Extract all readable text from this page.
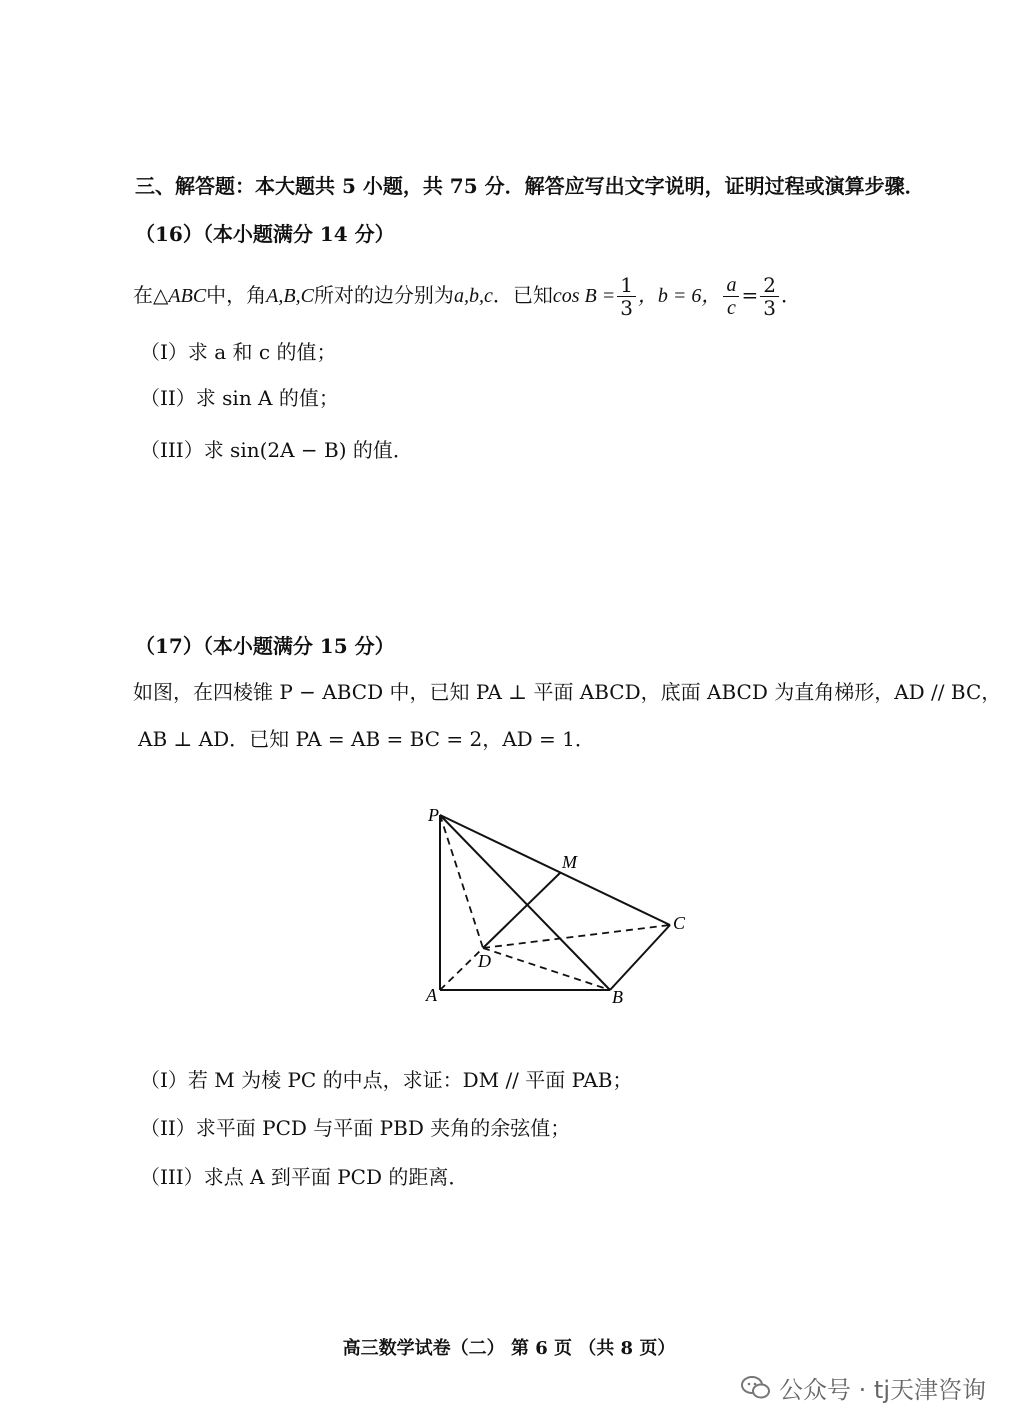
三、解答题：本大题共 5 小题，共 75 分．解答应写出文字说明，证明过程或演算步骤．
（16）（本小题满分 14 分）
在△ABC中，角A,B,C所对的边分别为a,b,c．已知$\cos B = \frac{1}{3}$ ，b = 6， $\frac{a}{c} = \frac{2}{3}$ ．
（I）求 a 和 c 的值；
（II）求 sin A 的值；
（III）求 sin(2A − B) 的值．
（17）（本小题满分 15 分）
如图，在四棱锥 P − ABCD 中，已知 PA ⊥ 平面 ABCD，底面 ABCD 为直角梯形，AD // BC，
AB ⊥ AD．已知 PA = AB = BC = 2，AD = 1．
P
M
C
D
A	B
（I）若 M 为棱 PC 的中点，求证：DM // 平面 PAB；
（II）求平面 PCD 与平面 PBD 夹角的余弦值；
（III）求点 A 到平面 PCD 的距离．
高三数学试卷（二） 第 6 页 （共 8 页）
公众号 · tj天津咨询
